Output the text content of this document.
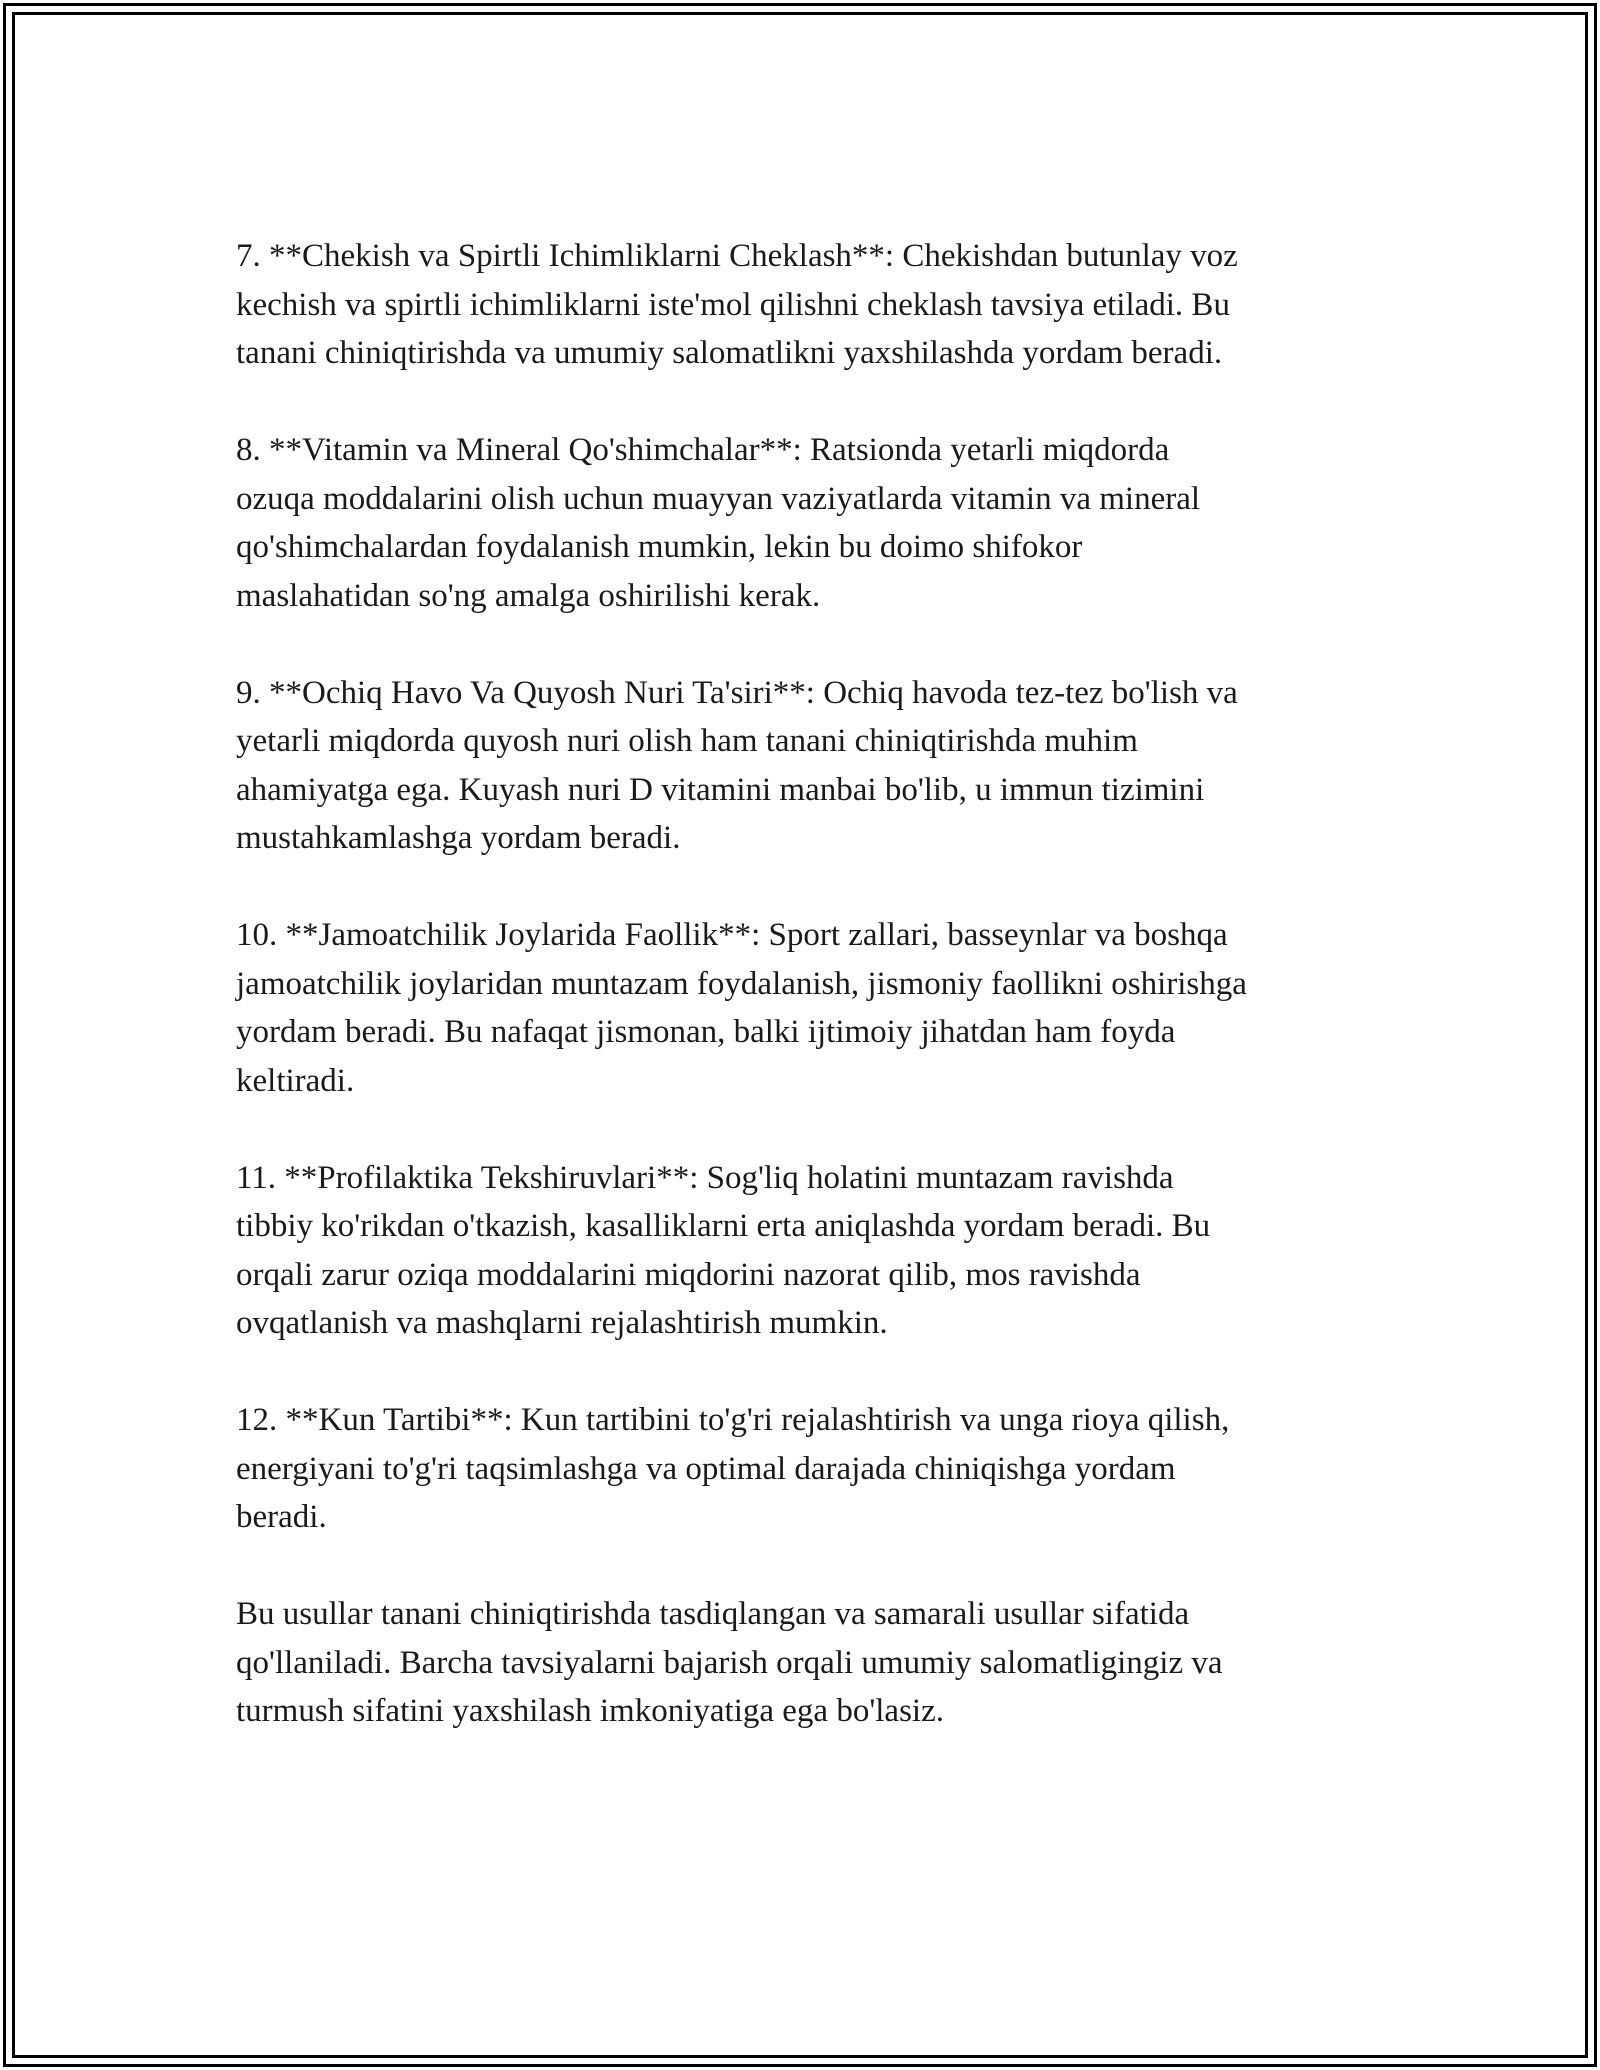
7. **Chekish va Spirtli Ichimliklarni Cheklash**: Chekishdan butunlay voz
kechish va spirtli ichimliklarni iste'mol qilishni cheklash tavsiya etiladi. Bu
tanani chiniqtirishda va umumiy salomatlikni yaxshilashda yordam beradi.

8. **Vitamin va Mineral Qo'shimchalar**: Ratsionda yetarli miqdorda
ozuqa moddalarini olish uchun muayyan vaziyatlarda vitamin va mineral
qo'shimchalardan foydalanish mumkin, lekin bu doimo shifokor
maslahatidan so'ng amalga oshirilishi kerak.

9. **Ochiq Havo Va Quyosh Nuri Ta'siri**: Ochiq havoda tez-tez bo'lish va
yetarli miqdorda quyosh nuri olish ham tanani chiniqtirishda muhim
ahamiyatga ega. Kuyash nuri D vitamini manbai bo'lib, u immun tizimini
mustahkamlashga yordam beradi.

10. **Jamoatchilik Joylarida Faollik**: Sport zallari, basseynlar va boshqa
jamoatchilik joylaridan muntazam foydalanish, jismoniy faollikni oshirishga
yordam beradi. Bu nafaqat jismonan, balki ijtimoiy jihatdan ham foyda
keltiradi.

11. **Profilaktika Tekshiruvlari**: Sog'liq holatini muntazam ravishda
tibbiy ko'rikdan o'tkazish, kasalliklarni erta aniqlashda yordam beradi. Bu
orqali zarur oziqa moddalarini miqdorini nazorat qilib, mos ravishda
ovqatlanish va mashqlarni rejalashtirish mumkin.

12. **Kun Tartibi**: Kun tartibini to'g'ri rejalashtirish va unga rioya qilish,
energiyani to'g'ri taqsimlashga va optimal darajada chiniqishga yordam
beradi.

Bu usullar tanani chiniqtirishda tasdiqlangan va samarali usullar sifatida
qo'llaniladi. Barcha tavsiyalarni bajarish orqali umumiy salomatligingiz va
turmush sifatini yaxshilash imkoniyatiga ega bo'lasiz.
